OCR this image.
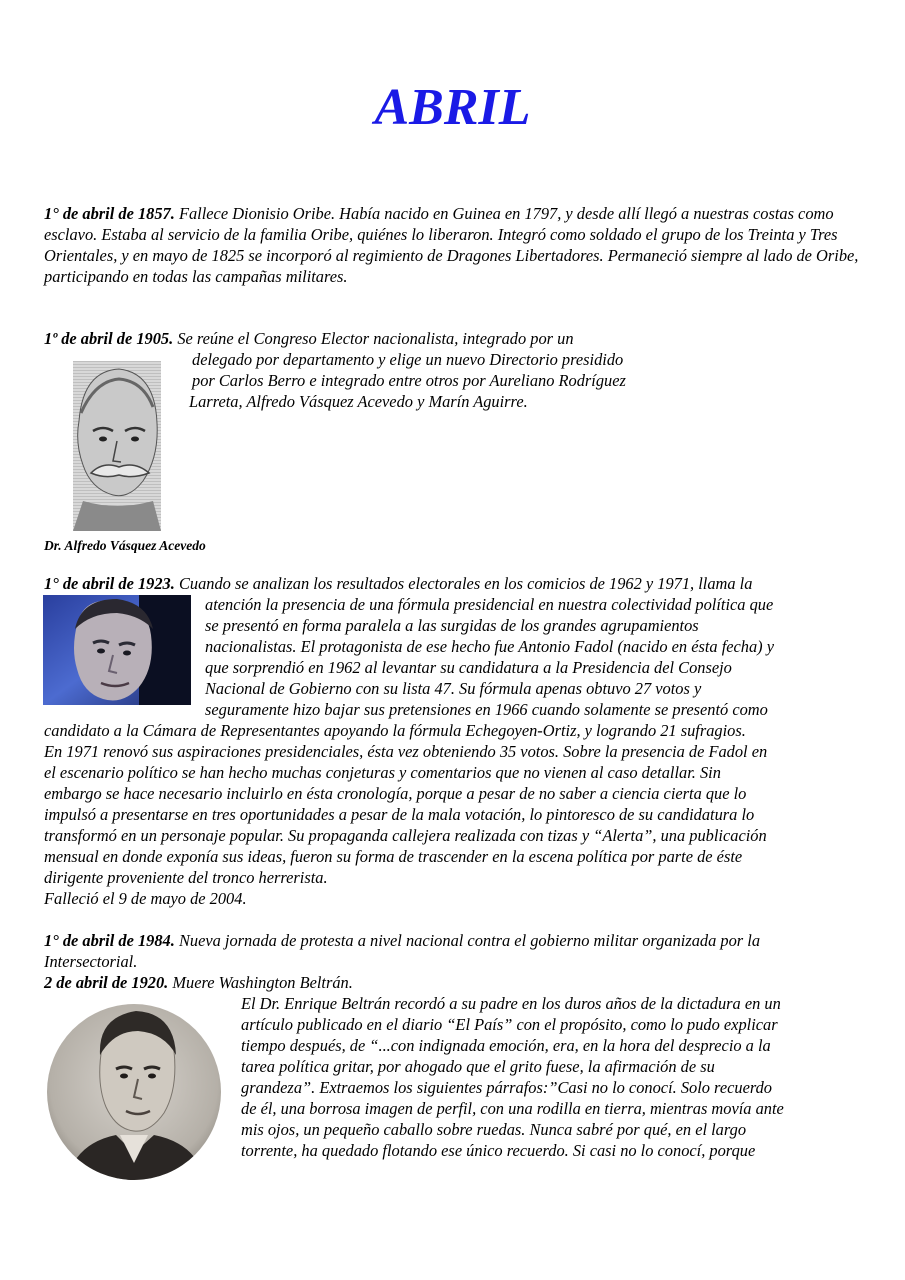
ABRIL

1° de abril de 1857. Fallece Dionisio Oribe. Había nacido en Guinea en 1797, y desde allí llegó a nuestras costas como esclavo. Estaba al servicio de la familia Oribe, quiénes lo liberaron. Integró como soldado el grupo de los Treinta y Tres Orientales, y en mayo de 1825 se incorporó al regimiento de Dragones Libertadores. Permaneció siempre al lado de Oribe, participando en todas las campañas militares.

1º de abril de 1905. Se reúne el Congreso Elector nacionalista, integrado por un
delegado por departamento y elige un nuevo Directorio presidido
por Carlos Berro e integrado entre otros por Aureliano Rodríguez
Larreta, Alfredo Vásquez Acevedo y Marín Aguirre.
Dr. Alfredo Vásquez Acevedo
1° de abril de 1923. Cuando se analizan los resultados electorales en los comicios de 1962 y 1971, llama la
atención la presencia de una fórmula presidencial en nuestra colectividad política que
se presentó en forma paralela a las surgidas de los grandes agrupamientos
nacionalistas. El protagonista de ese hecho fue Antonio Fadol (nacido en ésta fecha) y
que sorprendió en 1962 al levantar su candidatura a la Presidencia del Consejo
Nacional de Gobierno con su lista 47. Su fórmula apenas obtuvo 27 votos y
seguramente hizo bajar sus pretensiones en 1966 cuando solamente se presentó como
candidato a la Cámara de Representantes apoyando la fórmula Echegoyen-Ortiz, y logrando 21 sufragios.
En 1971 renovó sus aspiraciones presidenciales, ésta vez obteniendo 35 votos. Sobre la presencia de Fadol en
el escenario político se han hecho muchas conjeturas y comentarios que no vienen al caso detallar. Sin
embargo se hace necesario incluirlo en ésta cronología, porque a pesar de no saber a ciencia cierta que lo
impulsó a presentarse en tres oportunidades a pesar de la mala votación, lo pintoresco de su candidatura lo
transformó en un personaje popular. Su propaganda callejera realizada con tizas y “Alerta”, una publicación
mensual en donde exponía sus ideas, fueron su forma de trascender en la escena política por parte de éste
dirigente proveniente del tronco herrerista.
Falleció el 9 de mayo de 2004.
1° de abril de 1984. Nueva jornada de protesta a nivel nacional contra el gobierno militar organizada por la
Intersectorial.
2 de abril de 1920. Muere Washington Beltrán.
El Dr. Enrique Beltrán recordó a su padre en los duros años de la dictadura en un
artículo publicado en el diario “El País” con el propósito, como lo pudo explicar
tiempo después, de “...con indignada emoción, era, en la hora del desprecio a la
tarea política gritar, por ahogado que el grito fuese, la afirmación de su
grandeza”. Extraemos los siguientes párrafos:”Casi no lo conocí. Solo recuerdo
de él, una borrosa imagen de perfil, con una rodilla en tierra, mientras movía ante
mis ojos, un pequeño caballo sobre ruedas. Nunca sabré por qué, en el largo
torrente, ha quedado flotando ese único recuerdo. Si casi no lo conocí, porque
